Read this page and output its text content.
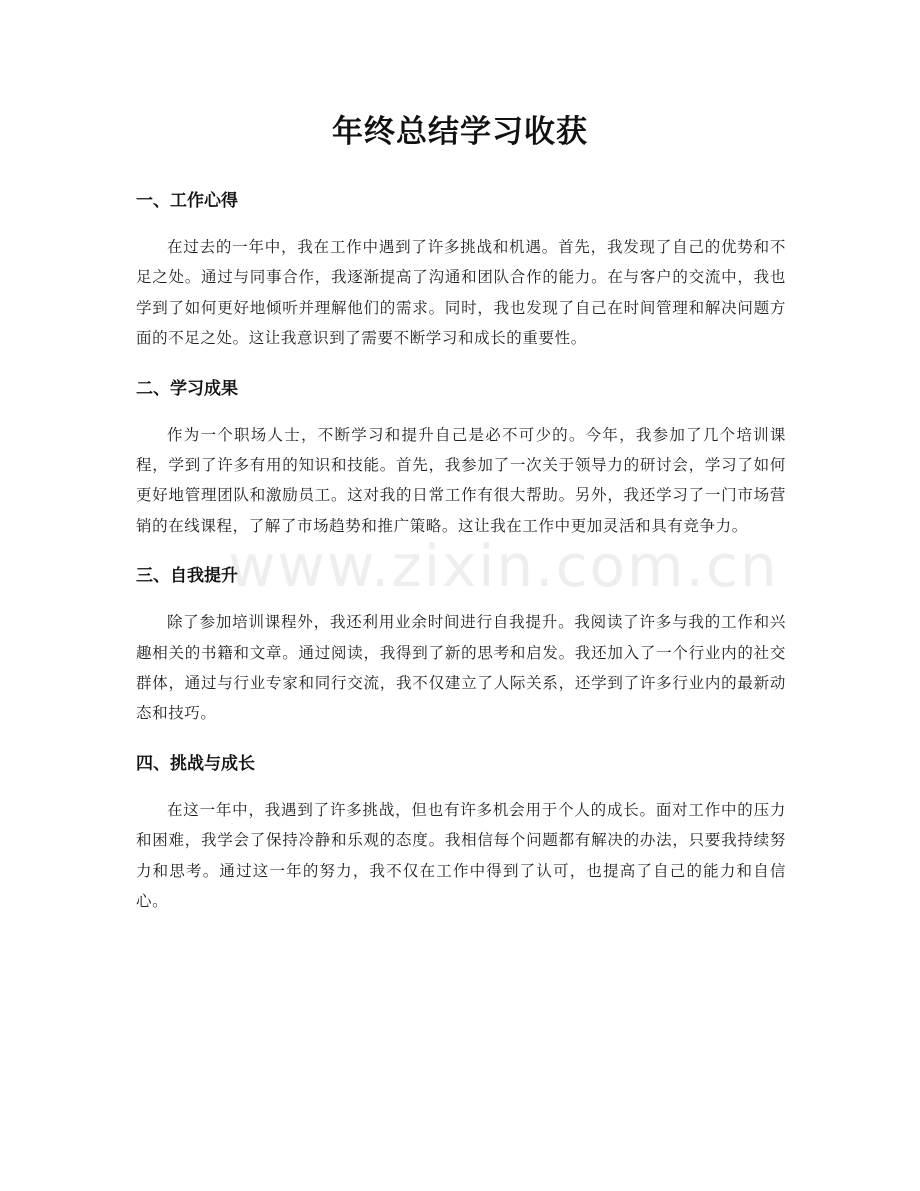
年终总结学习收获
一、工作心得

在过去的一年中，我在工作中遇到了许多挑战和机遇。首先，我发现了自己的优势和不足之处。通过与同事合作，我逐渐提高了沟通和团队合作的能力。在与客户的交流中，我也学到了如何更好地倾听并理解他们的需求。同时，我也发现了自己在时间管理和解决问题方面的不足之处。这让我意识到了需要不断学习和成长的重要性。

二、学习成果

作为一个职场人士，不断学习和提升自己是必不可少的。今年，我参加了几个培训课程，学到了许多有用的知识和技能。首先，我参加了一次关于领导力的研讨会，学习了如何更好地管理团队和激励员工。这对我的日常工作有很大帮助。另外，我还学习了一门市场营销的在线课程，了解了市场趋势和推广策略。这让我在工作中更加灵活和具有竞争力。

三、自我提升

除了参加培训课程外，我还利用业余时间进行自我提升。我阅读了许多与我的工作和兴趣相关的书籍和文章。通过阅读，我得到了新的思考和启发。我还加入了一个行业内的社交群体，通过与行业专家和同行交流，我不仅建立了人际关系，还学到了许多行业内的最新动态和技巧。

四、挑战与成长

在这一年中，我遇到了许多挑战，但也有许多机会用于个人的成长。面对工作中的压力和困难，我学会了保持冷静和乐观的态度。我相信每个问题都有解决的办法，只要我持续努力和思考。通过这一年的努力，我不仅在工作中得到了认可，也提高了自己的能力和自信心。

www.zixin.com.cn
